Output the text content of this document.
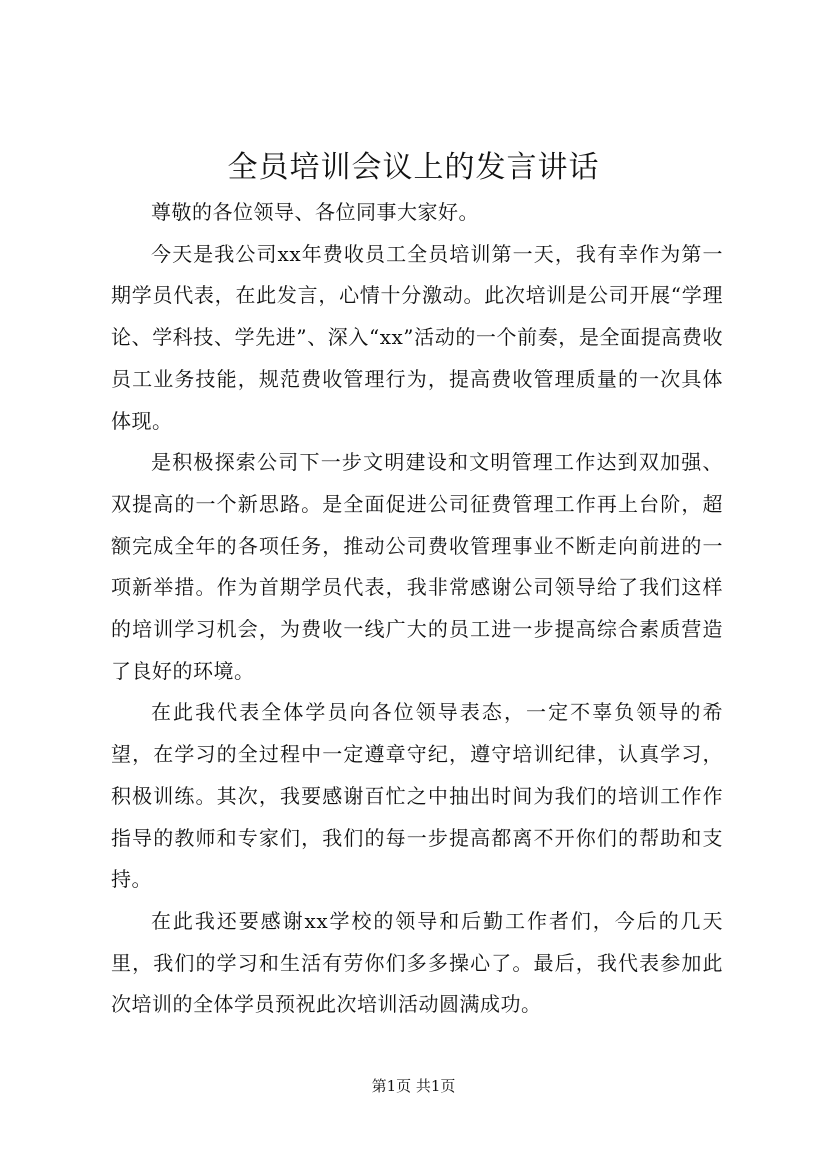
全员培训会议上的发言讲话

尊敬的各位领导、各位同事大家好。

今天是我公司xx年费收员工全员培训第一天，我有幸作为第一期学员代表，在此发言，心情十分激动。此次培训是公司开展“学理论、学科技、学先进”、深入“xx”活动的一个前奏，是全面提高费收员工业务技能，规范费收管理行为，提高费收管理质量的一次具体体现。

是积极探索公司下一步文明建设和文明管理工作达到双加强、双提高的一个新思路。是全面促进公司征费管理工作再上台阶，超额完成全年的各项任务，推动公司费收管理事业不断走向前进的一项新举措。作为首期学员代表，我非常感谢公司领导给了我们这样的培训学习机会，为费收一线广大的员工进一步提高综合素质营造了良好的环境。

在此我代表全体学员向各位领导表态，一定不辜负领导的希望，在学习的全过程中一定遵章守纪，遵守培训纪律，认真学习，积极训练。其次，我要感谢百忙之中抽出时间为我们的培训工作作指导的教师和专家们，我们的每一步提高都离不开你们的帮助和支持。

在此我还要感谢xx学校的领导和后勤工作者们，今后的几天里，我们的学习和生活有劳你们多多操心了。最后，我代表参加此次培训的全体学员预祝此次培训活动圆满成功。

第1页 共1页
